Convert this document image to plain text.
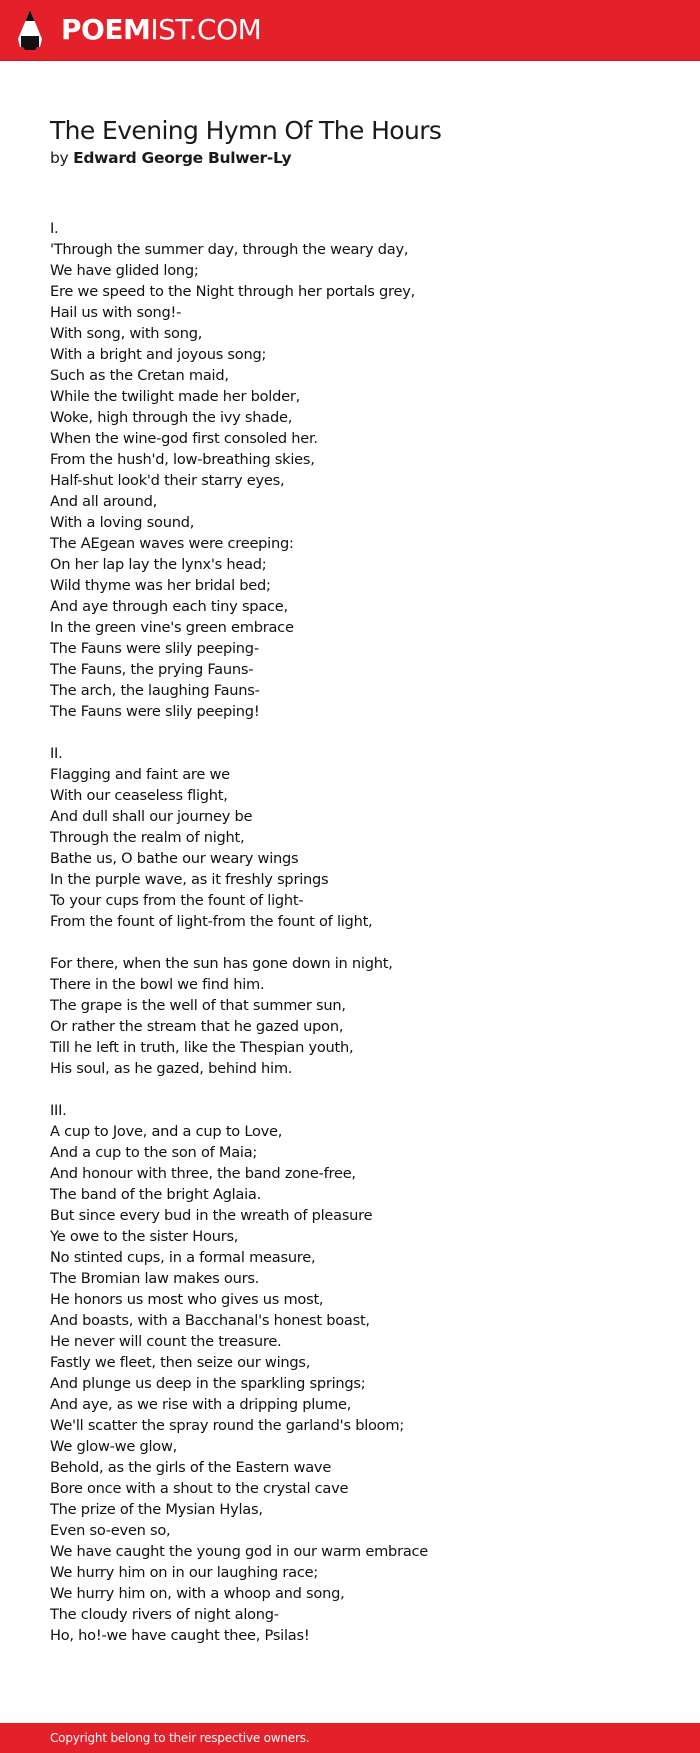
POEMIST.COM
The Evening Hymn Of The Hours
by Edward George Bulwer-Ly
I.
'Through the summer day, through the weary day,
We have glided long;
Ere we speed to the Night through her portals grey,
Hail us with song!-
With song, with song,
With a bright and joyous song;
Such as the Cretan maid,
While the twilight made her bolder,
Woke, high through the ivy shade,
When the wine-god first consoled her.
From the hush'd, low-breathing skies,
Half-shut look'd their starry eyes,
And all around,
With a loving sound,
The AEgean waves were creeping:
On her lap lay the lynx's head;
Wild thyme was her bridal bed;
And aye through each tiny space,
In the green vine's green embrace
The Fauns were slily peeping-
The Fauns, the prying Fauns-
The arch, the laughing Fauns-
The Fauns were slily peeping!
II.
Flagging and faint are we
With our ceaseless flight,
And dull shall our journey be
Through the realm of night,
Bathe us, O bathe our weary wings
In the purple wave, as it freshly springs
To your cups from the fount of light-
From the fount of light-from the fount of light,
For there, when the sun has gone down in night,
There in the bowl we find him.
The grape is the well of that summer sun,
Or rather the stream that he gazed upon,
Till he left in truth, like the Thespian youth,
His soul, as he gazed, behind him.
III.
A cup to Jove, and a cup to Love,
And a cup to the son of Maia;
And honour with three, the band zone-free,
The band of the bright Aglaia.
But since every bud in the wreath of pleasure
Ye owe to the sister Hours,
No stinted cups, in a formal measure,
The Bromian law makes ours.
He honors us most who gives us most,
And boasts, with a Bacchanal's honest boast,
He never will count the treasure.
Fastly we fleet, then seize our wings,
And plunge us deep in the sparkling springs;
And aye, as we rise with a dripping plume,
We'll scatter the spray round the garland's bloom;
We glow-we glow,
Behold, as the girls of the Eastern wave
Bore once with a shout to the crystal cave
The prize of the Mysian Hylas,
Even so-even so,
We have caught the young god in our warm embrace
We hurry him on in our laughing race;
We hurry him on, with a whoop and song,
The cloudy rivers of night along-
Ho, ho!-we have caught thee, Psilas!
Copyright belong to their respective owners.
